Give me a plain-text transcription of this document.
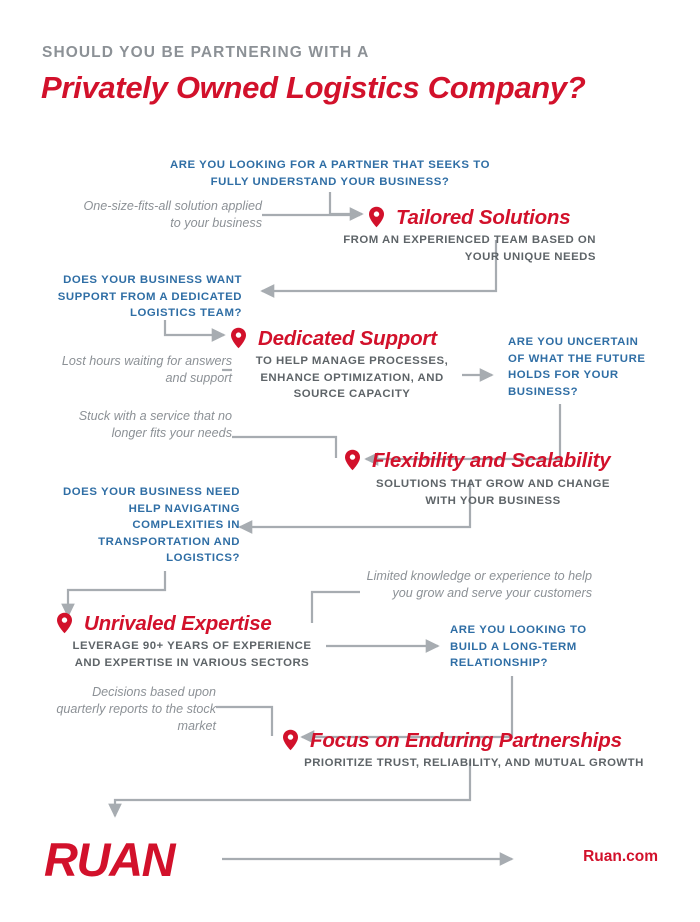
SHOULD YOU BE PARTNERING WITH A
Privately Owned Logistics Company?
ARE YOU LOOKING FOR A PARTNER THAT SEEKS TO FULLY UNDERSTAND YOUR BUSINESS?
DOES YOUR BUSINESS WANT SUPPORT FROM A DEDICATED LOGISTICS TEAM?
ARE YOU UNCERTAIN OF WHAT THE FUTURE HOLDS FOR YOUR BUSINESS?
DOES YOUR BUSINESS NEED HELP NAVIGATING COMPLEXITIES IN TRANSPORTATION AND LOGISTICS?
ARE YOU LOOKING TO BUILD A LONG-TERM RELATIONSHIP?
One-size-fits-all solution applied to your business
Lost hours waiting for answers and support
Stuck with a service that no longer fits your needs
Limited knowledge or experience to help you grow and serve your customers
Decisions based upon quarterly reports to the stock market
Tailored Solutions
FROM AN EXPERIENCED TEAM BASED ON YOUR UNIQUE NEEDS
Dedicated Support
TO HELP MANAGE PROCESSES, ENHANCE OPTIMIZATION, AND SOURCE CAPACITY
Flexibility and Scalability
SOLUTIONS THAT GROW AND CHANGE WITH YOUR BUSINESS
Unrivaled Expertise
LEVERAGE 90+ YEARS OF EXPERIENCE AND EXPERTISE IN VARIOUS SECTORS
Focus on Enduring Partnerships
PRIORITIZE TRUST, RELIABILITY, AND MUTUAL GROWTH
RUAN	Ruan.com
